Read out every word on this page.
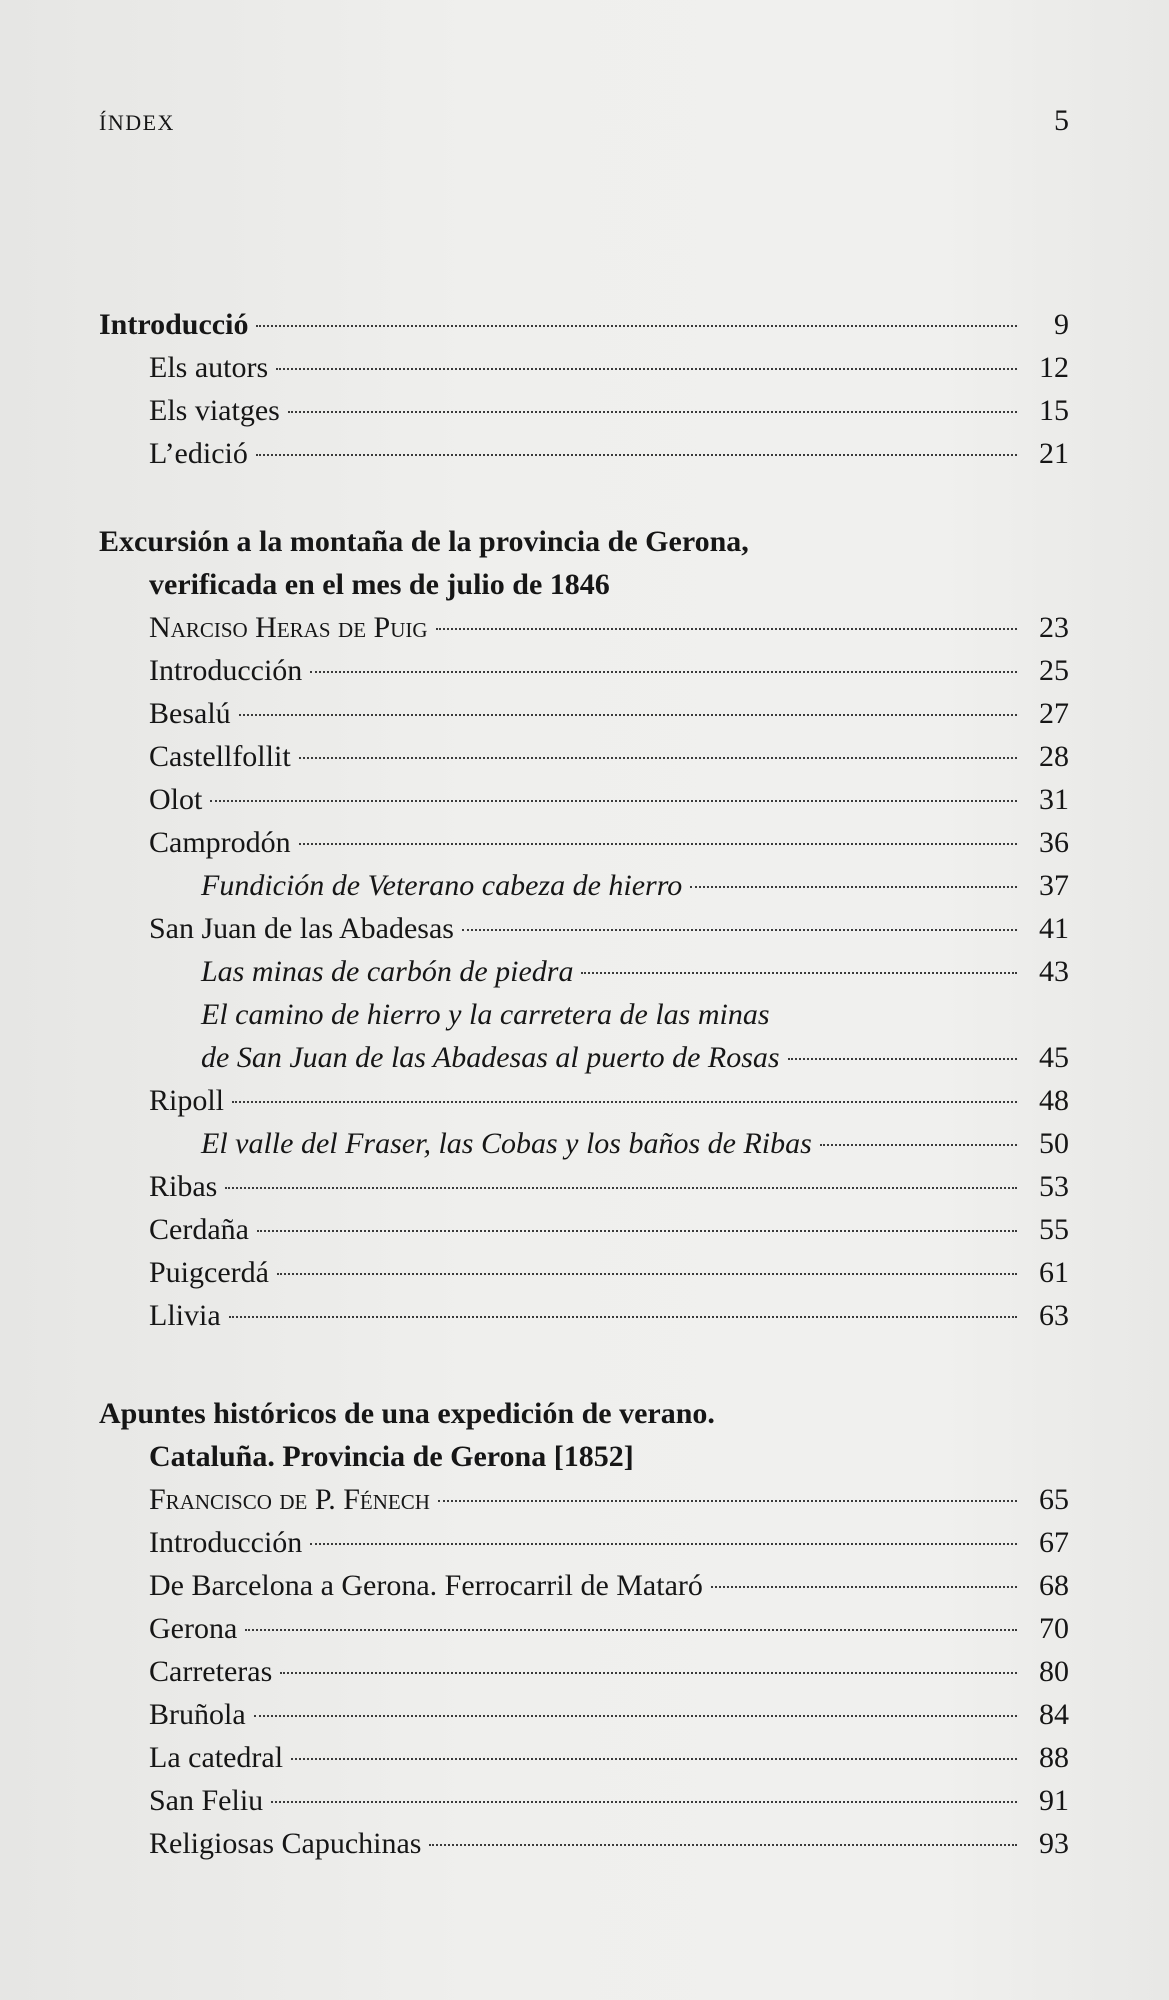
ÍNDEX	5
Introducció	9
Els autors	12
Els viatges	15
L’edició	21
Excursión a la montaña de la provincia de Gerona,
verificada en el mes de julio de 1846
Narciso Heras de Puig	23
Introducción	25
Besalú	27
Castellfollit	28
Olot	31
Camprodón	36
Fundición de Veterano cabeza de hierro	37
San Juan de las Abadesas	41
Las minas de carbón de piedra	43
El camino de hierro y la carretera de las minas
de San Juan de las Abadesas al puerto de Rosas	45
Ripoll	48
El valle del Fraser, las Cobas y los baños de Ribas	50
Ribas	53
Cerdaña	55
Puigcerdá	61
Llivia	63
Apuntes históricos de una expedición de verano.
Cataluña. Provincia de Gerona [1852]
Francisco de P. Fénech	65
Introducción	67
De Barcelona a Gerona. Ferrocarril de Mataró	68
Gerona	70
Carreteras	80
Bruñola	84
La catedral	88
San Feliu	91
Religiosas Capuchinas	93
